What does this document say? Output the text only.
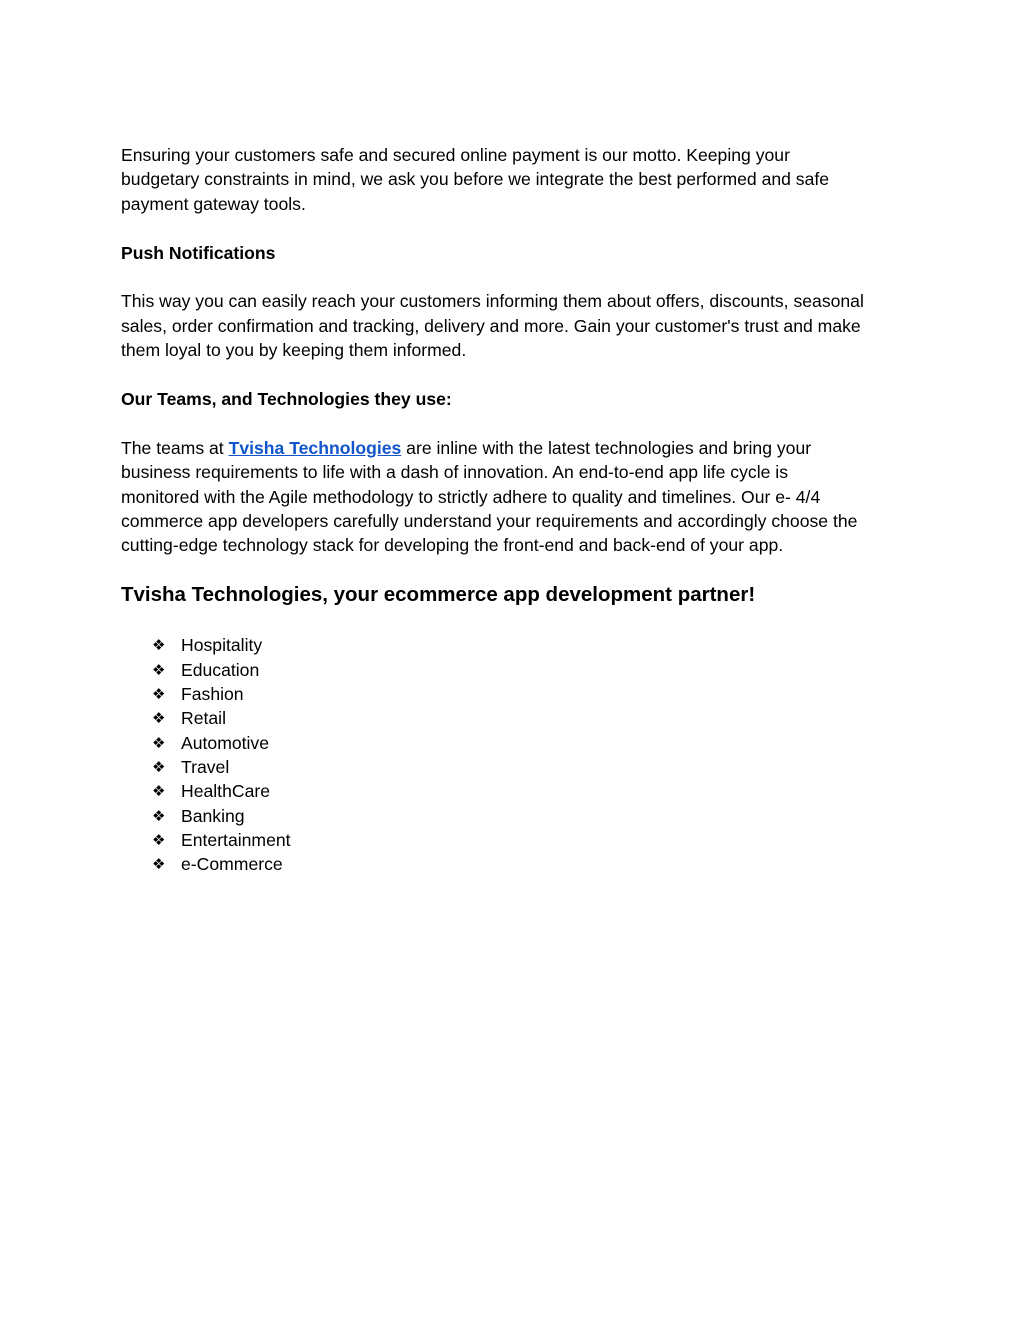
Ensuring your customers safe and secured online payment is our motto. Keeping your
budgetary constraints in mind, we ask you before we integrate the best performed and safe
payment gateway tools.

Push Notifications

This way you can easily reach your customers informing them about offers, discounts, seasonal
sales, order confirmation and tracking, delivery and more. Gain your customer's trust and make
them loyal to you by keeping them informed.

Our Teams, and Technologies they use:

The teams at Tvisha Technologies are inline with the latest technologies and bring your
business requirements to life with a dash of innovation. An end-to-end app life cycle is
monitored with the Agile methodology to strictly adhere to quality and timelines. Our e- 4/4
commerce app developers carefully understand your requirements and accordingly choose the
cutting-edge technology stack for developing the front-end and back-end of your app.

Tvisha Technologies, your ecommerce app development partner!
❖ Hospitality
❖ Education
❖ Fashion
❖ Retail
❖ Automotive
❖ Travel
❖ HealthCare
❖ Banking
❖ Entertainment
❖ e-Commerce
